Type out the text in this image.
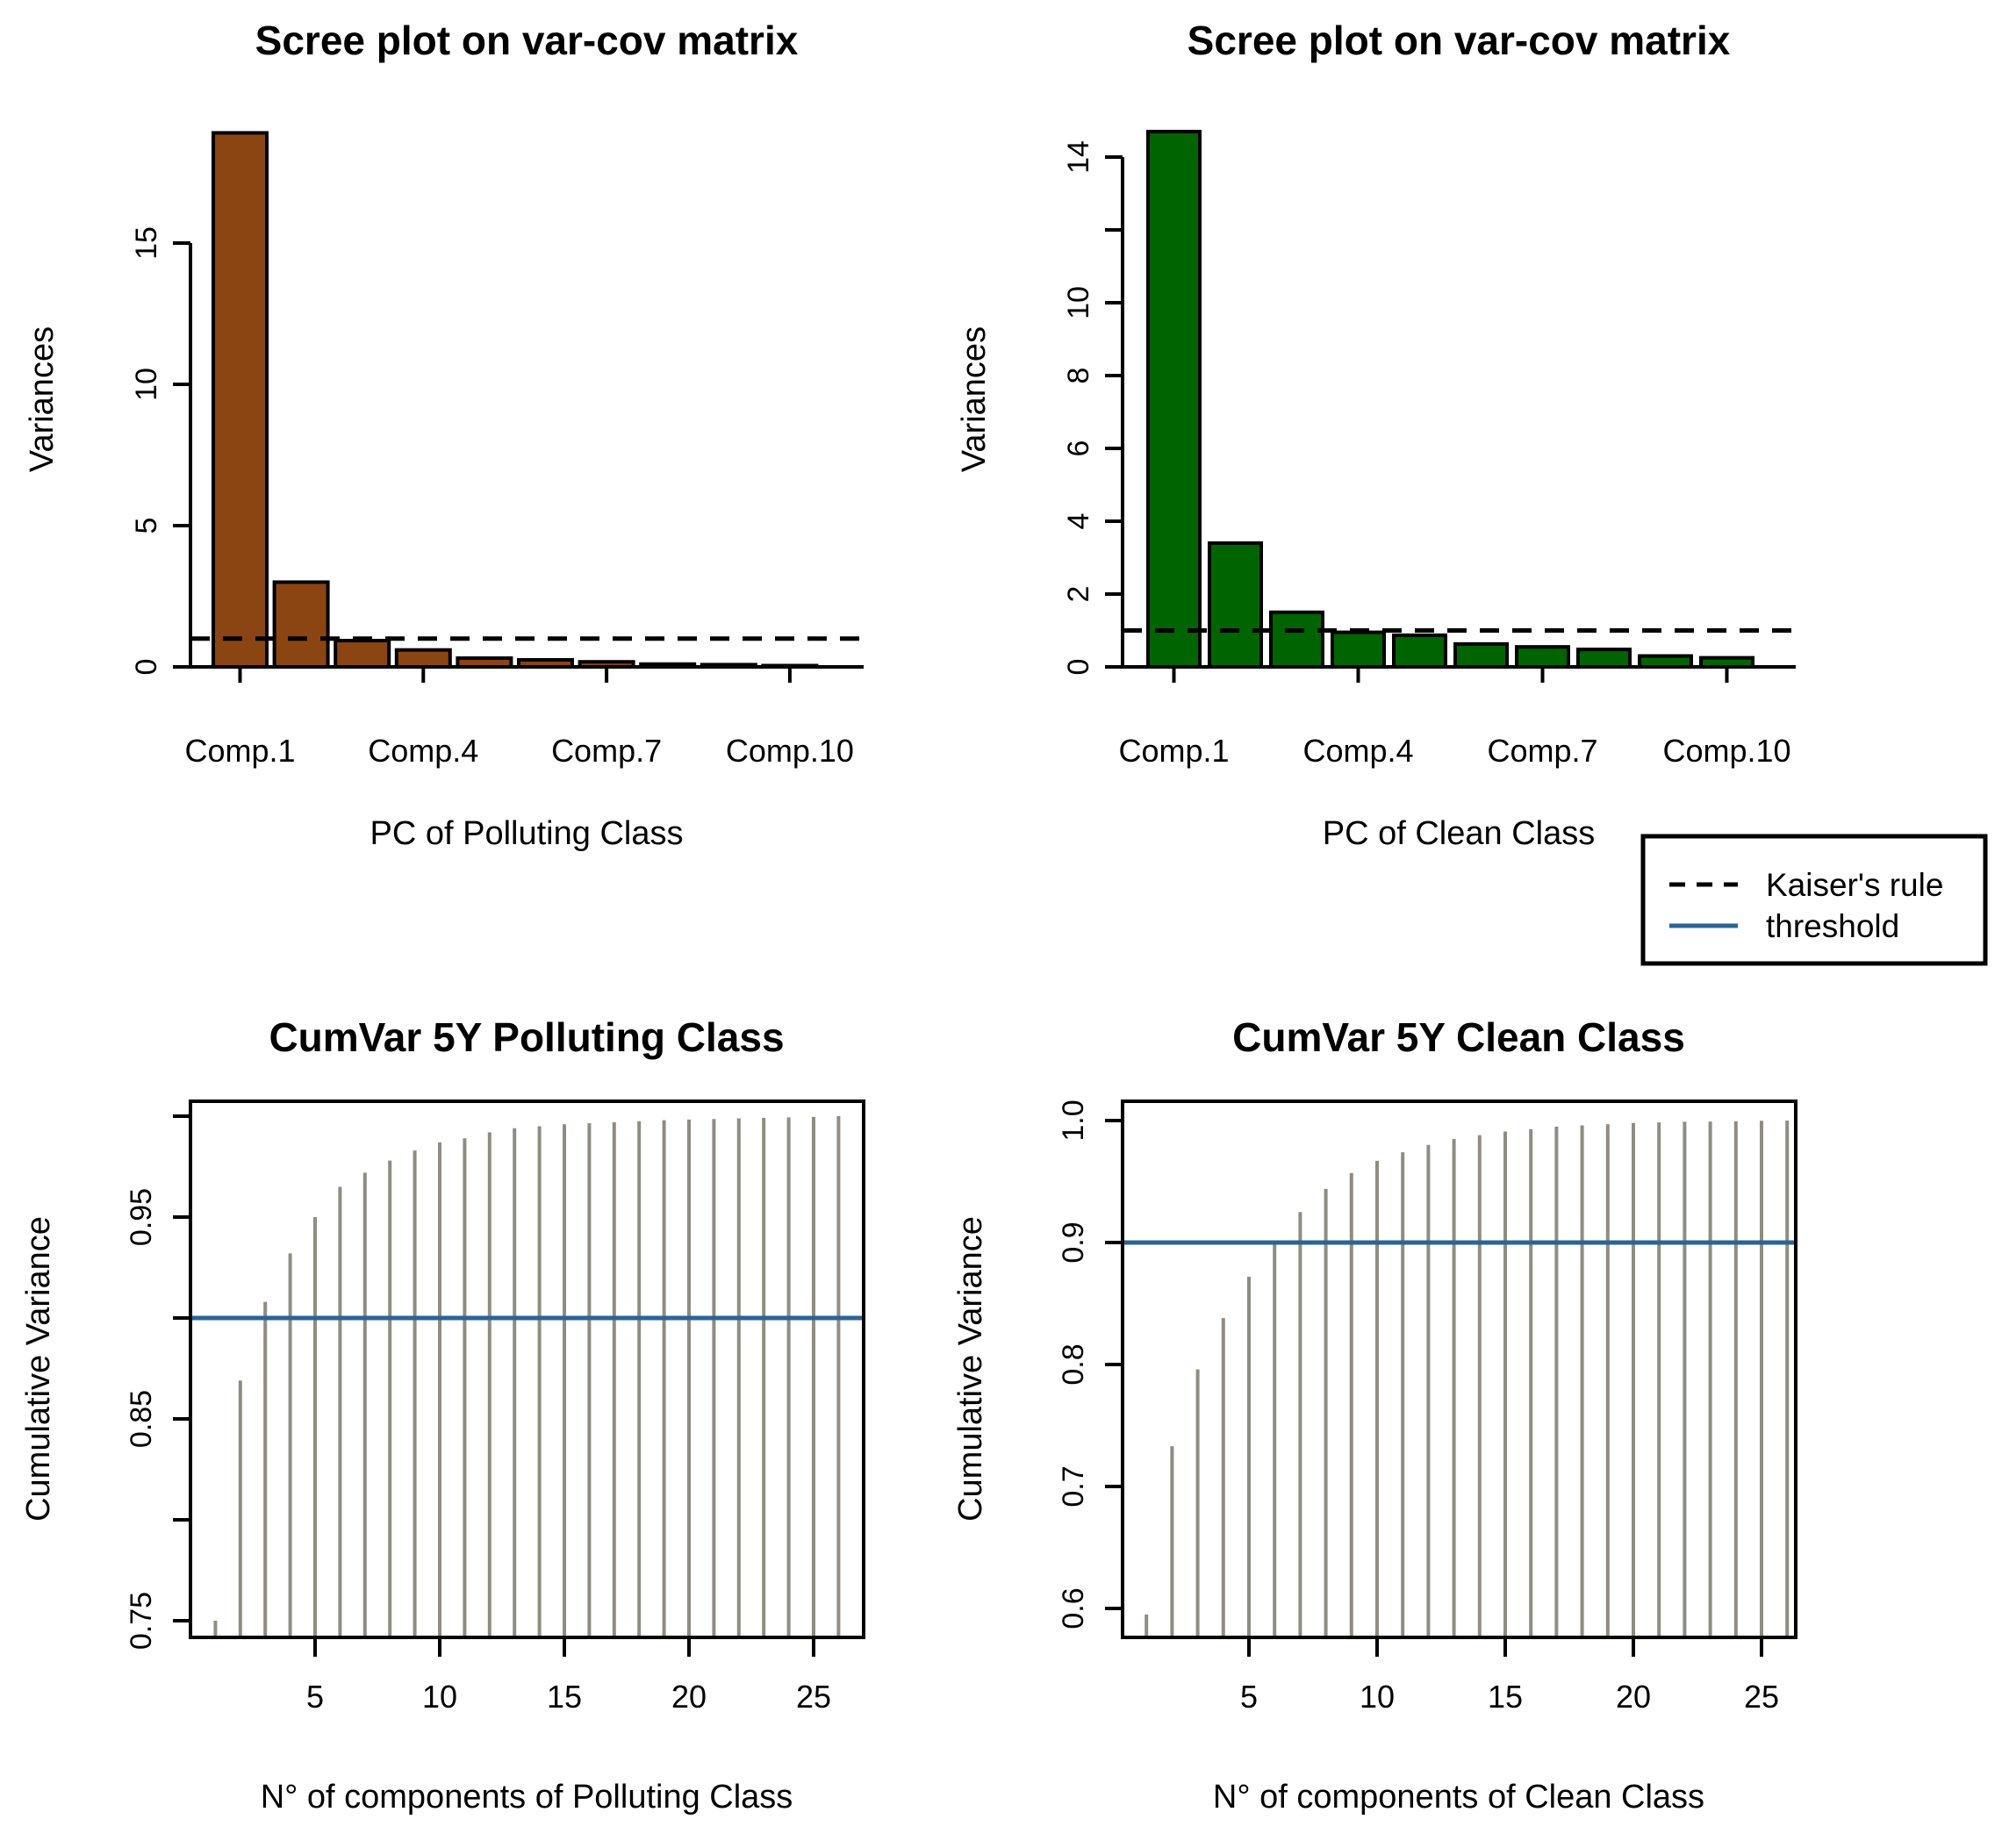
Scree plot on var-cov matrix
PC of Polluting Class
Variances
0
5
10
15
Comp.1 Comp.4 Comp.7 Comp.10
Scree plot on var-cov matrix
PC of Clean Class
Variances
0
2
4
6
8
10
14
Comp.1 Comp.4 Comp.7 Comp.10
CumVar 5Y Polluting Class
N° of components of Polluting Class
Cumulative Variance
0.75
0.85
0.95
5	10	15	20	25
CumVar 5Y Clean Class
N° of components of Clean Class
Cumulative Variance
0.6
0.7
0.8
0.9
1.0
5	10	15	20	25
Kaiser's rule
threshold
